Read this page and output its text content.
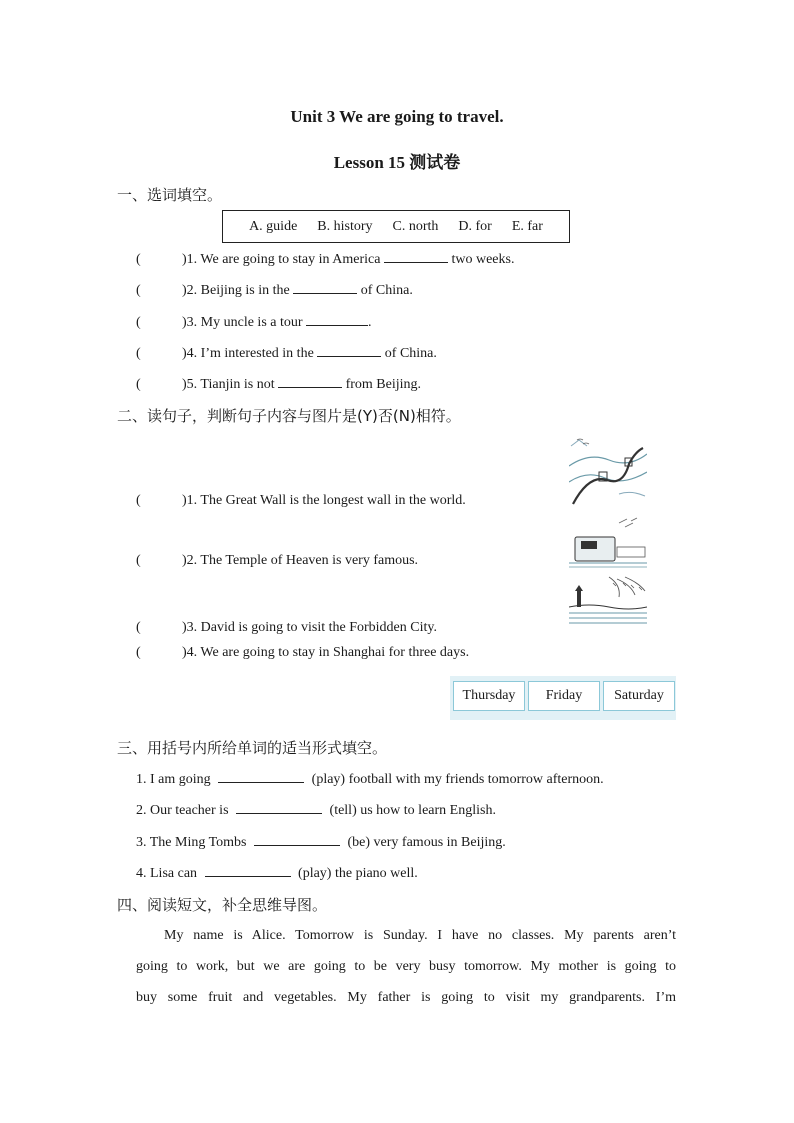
Unit 3 We are going to travel.
Lesson 15 测试卷
一、选词填空。
A. guide B. history C. north D. for E. far
(	)1. We are going to stay in America	two weeks.
(	)2. Beijing is in the	of China.
(	)3. My uncle is a tour	.
(	)4. I’m interested in the	of China.
(	)5. Tianjin is not	from Beijing.
二、读句子，判断句子内容与图片是(Y)否(N)相符。
(	)1. The Great Wall is the longest wall in the world.
(	)2. The Temple of Heaven is very famous.
(	)3. David is going to visit the Forbidden City.
(	)4. We are going to stay in Shanghai for three days.
Thursday	Friday	Saturday
三、用括号内所给单词的适当形式填空。
1. I am going	(play) football with my friends tomorrow afternoon.
2. Our teacher is	(tell) us how to learn English.
3. The Ming Tombs	(be) very famous in Beijing.
4. Lisa can	(play) the piano well.
四、阅读短文，补全思维导图。
My name is Alice. Tomorrow is Sunday. I have no classes. My parents aren’t
going to work, but we are going to be very busy tomorrow. My mother is going to
buy some fruit and vegetables. My father is going to visit my grandparents. I’m
